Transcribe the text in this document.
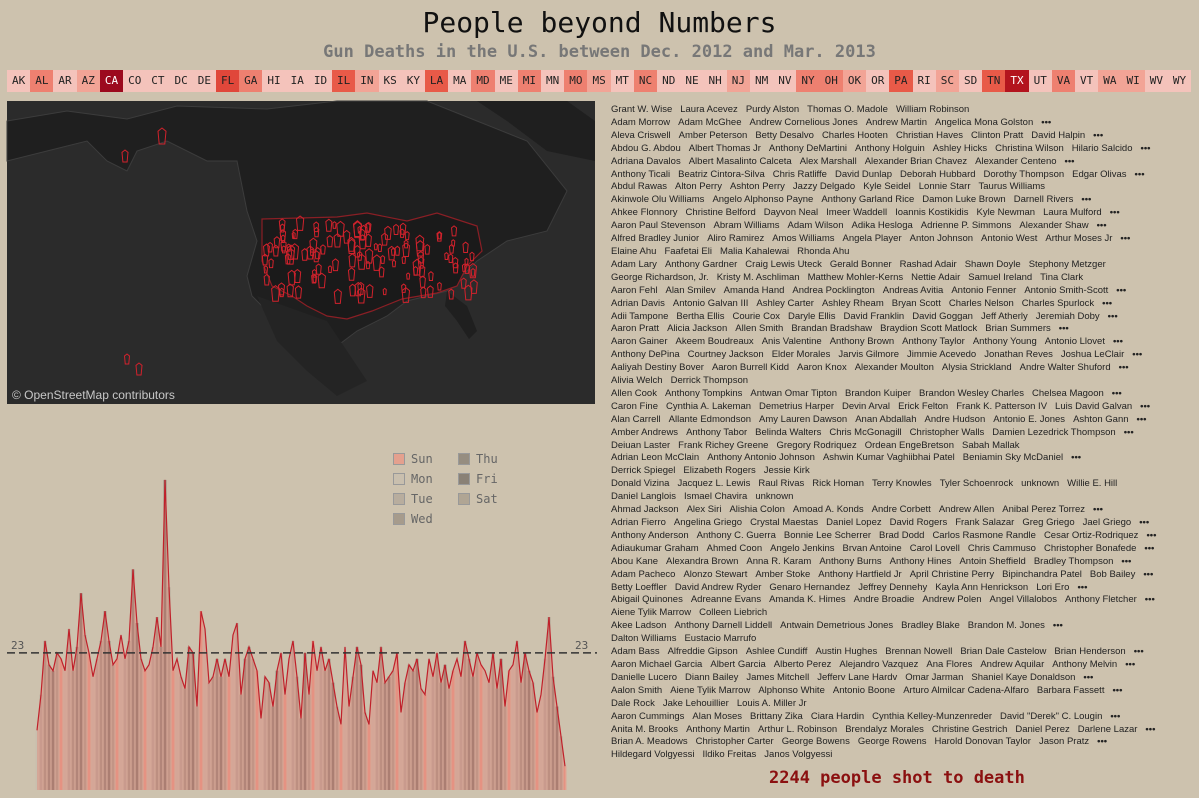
People beyond Numbers
Gun Deaths in the U.S. between Dec. 2012 and Mar. 2013
AK AL AR AZ CA CO CT DC DE FL GA HI IA ID IL IN KS KY LA MA MD ME MI MN MO MS MT NC ND NE NH NJ NM NV NY OH OK OR PA RI SC SD TN TX UT VA VT WA WI WV WY
© OpenStreetMap contributors
Grant W. Wise Laura Acevez Purdy Alston Thomas O. Madole William Robinson
Adam Morrow Adam McGhee Andrew Cornelious Jones Andrew Martin Angelica Mona Golston •••
Aleva Criswell Amber Peterson Betty Desalvo Charles Hooten Christian Haves Clinton Pratt David Halpin •••
Abdou G. Abdou Albert Thomas Jr Anthony DeMartini Anthony Holguin Ashley Hicks Christina Wilson Hilario Salcido •••
Adriana Davalos Albert Masalinto Calceta Alex Marshall Alexander Brian Chavez Alexander Centeno •••
Anthony Ticali Beatriz Cintora-Silva Chris Ratliffe David Dunlap Deborah Hubbard Dorothy Thompson Edgar Olivas •••
Abdul Rawas Alton Perry Ashton Perry Jazzy Delgado Kyle Seidel Lonnie Starr Taurus Williams
Akinwole Olu Williams Angelo Alphonso Payne Anthony Garland Rice Damon Luke Brown Darnell Rivers •••
Ahkee Flonnory Christine Belford Dayvon Neal Imeer Waddell Ioannis Kostikidis Kyle Newman Laura Mulford •••
Aaron Paul Stevenson Abram Williams Adam Wilson Adika Hesloga Adrienne P. Simmons Alexander Shaw •••
Alfred Bradley Junior Aliro Ramirez Amos Williams Angela Player Anton Johnson Antonio West Arthur Moses Jr •••
Elaine Ahu Faafetai Eli Malia Kahalewai Rhonda Ahu
Adam Lary Anthony Gardner Craig Lewis Uteck Gerald Bonner Rashad Adair Shawn Doyle Stephony Metzger
George Richardson, Jr. Kristy M. Aschliman Matthew Mohler-Kerns Nettie Adair Samuel Ireland Tina Clark
Aaron Fehl Alan Smilev Amanda Hand Andrea Pocklington Andreas Avitia Antonio Fenner Antonio Smith-Scott •••
Adrian Davis Antonio Galvan III Ashley Carter Ashley Rheam Bryan Scott Charles Nelson Charles Spurlock •••
Adii Tampone Bertha Ellis Courie Cox Daryle Ellis David Franklin David Goggan Jeff Atherly Jeremiah Doby •••
Aaron Pratt Alicia Jackson Allen Smith Brandan Bradshaw Braydion Scott Matlock Brian Summers •••
Aaron Gainer Akeem Boudreaux Anis Valentine Anthony Brown Anthony Taylor Anthony Young Antonio Llovet •••
Anthony DePina Courtney Jackson Elder Morales Jarvis Gilmore Jimmie Acevedo Jonathan Reves Joshua LeClair •••
Aaliyah Destiny Bover Aaron Burrell Kidd Aaron Knox Alexander Moulton Alysia Strickland Andre Walter Shuford •••
Alivia Welch Derrick Thompson
Allen Cook Anthony Tompkins Antwan Omar Tipton Brandon Kuiper Brandon Wesley Charles Chelsea Magoon •••
Caron Fine Cynthia A. Lakeman Demetrius Harper Devin Arval Erick Felton Frank K. Patterson IV Luis David Galvan •••
Alan Carrell Allante Edmondson Amy Lauren Dawson Anan Abdallah Andre Hudson Antonio E. Jones Ashton Gann •••
Amber Andrews Anthony Tabor Belinda Walters Chris McGonagill Christopher Walls Damien Lezedrick Thompson •••
Deiuan Laster Frank Richey Greene Gregory Rodriquez Ordean EngeBretson Sabah Mallak
Adrian Leon McClain Anthony Antonio Johnson Ashwin Kumar Vaghiibhai Patel Beniamin Sky McDaniel •••
Derrick Spiegel Elizabeth Rogers Jessie Kirk
Donald Vizina Jacquez L. Lewis Raul Rivas Rick Homan Terry Knowles Tyler Schoenrock unknown Willie E. Hill
Daniel Langlois Ismael Chavira unknown
Ahmad Jackson Alex Siri Alishia Colon Amoad A. Konds Andre Corbett Andrew Allen Anibal Perez Torrez •••
Adrian Fierro Angelina Griego Crystal Maestas Daniel Lopez David Rogers Frank Salazar Greg Griego Jael Griego •••
Anthony Anderson Anthony C. Guerra Bonnie Lee Scherrer Brad Dodd Carlos Rasmone Randle Cesar Ortiz-Rodriquez •••
Adiaukumar Graham Ahmed Coon Angelo Jenkins Brvan Antoine Carol Lovell Chris Cammuso Christopher Bonafede •••
Abou Kane Alexandra Brown Anna R. Karam Anthony Burns Anthony Hines Antoin Sheffield Bradley Thompson •••
Adam Pacheco Alonzo Stewart Amber Stoke Anthony Hartfield Jr April Christine Perry Bipinchandra Patel Bob Bailey •••
Betty Loeffler David Andrew Ryder Genaro Hernandez Jeffrey Dennehy Kayla Ann Henrickson Lori Ero •••
Abigail Quinones Adreanne Evans Amanda K. Himes Andre Broadie Andrew Polen Angel Villalobos Anthony Fletcher •••
Aiene Tylik Marrow Colleen Liebrich
Akee Ladson Anthony Darnell Liddell Antwain Demetrious Jones Bradley Blake Brandon M. Jones •••
Dalton Williams Eustacio Marrufo
Adam Bass Alfreddie Gipson Ashlee Cundiff Austin Hughes Brennan Nowell Brian Dale Castelow Brian Henderson •••
Aaron Michael Garcia Albert Garcia Alberto Perez Alejandro Vazquez Ana Flores Andrew Aquilar Anthony Melvin •••
Danielle Lucero Diann Bailey James Mitchell Jefferv Lane Hardv Omar Jarman Shaniel Kaye Donaldson •••
Aalon Smith Aiene Tylik Marrow Alphonso White Antonio Boone Arturo Almilcar Cadena-Alfaro Barbara Fassett •••
Dale Rock Jake Lehouillier Louis A. Miller Jr
Aaron Cummings Alan Moses Brittany Zika Ciara Hardin Cynthia Kelley-Munzenreder David "Derek" C. Lougin •••
Anita M. Brooks Anthony Martin Arthur L. Robinson Brendalyz Morales Christine Gestrich Daniel Perez Darlene Lazar •••
Brian A. Meadows Christopher Carter George Bowens George Rowens Harold Donovan Taylor Jason Pratz •••
Hildegard Volgyessi Ildiko Freitas Janos Volgyessi
2244 people shot to death
Sun
Mon
Tue
Wed
Thu
Fri
Sat
23	23
